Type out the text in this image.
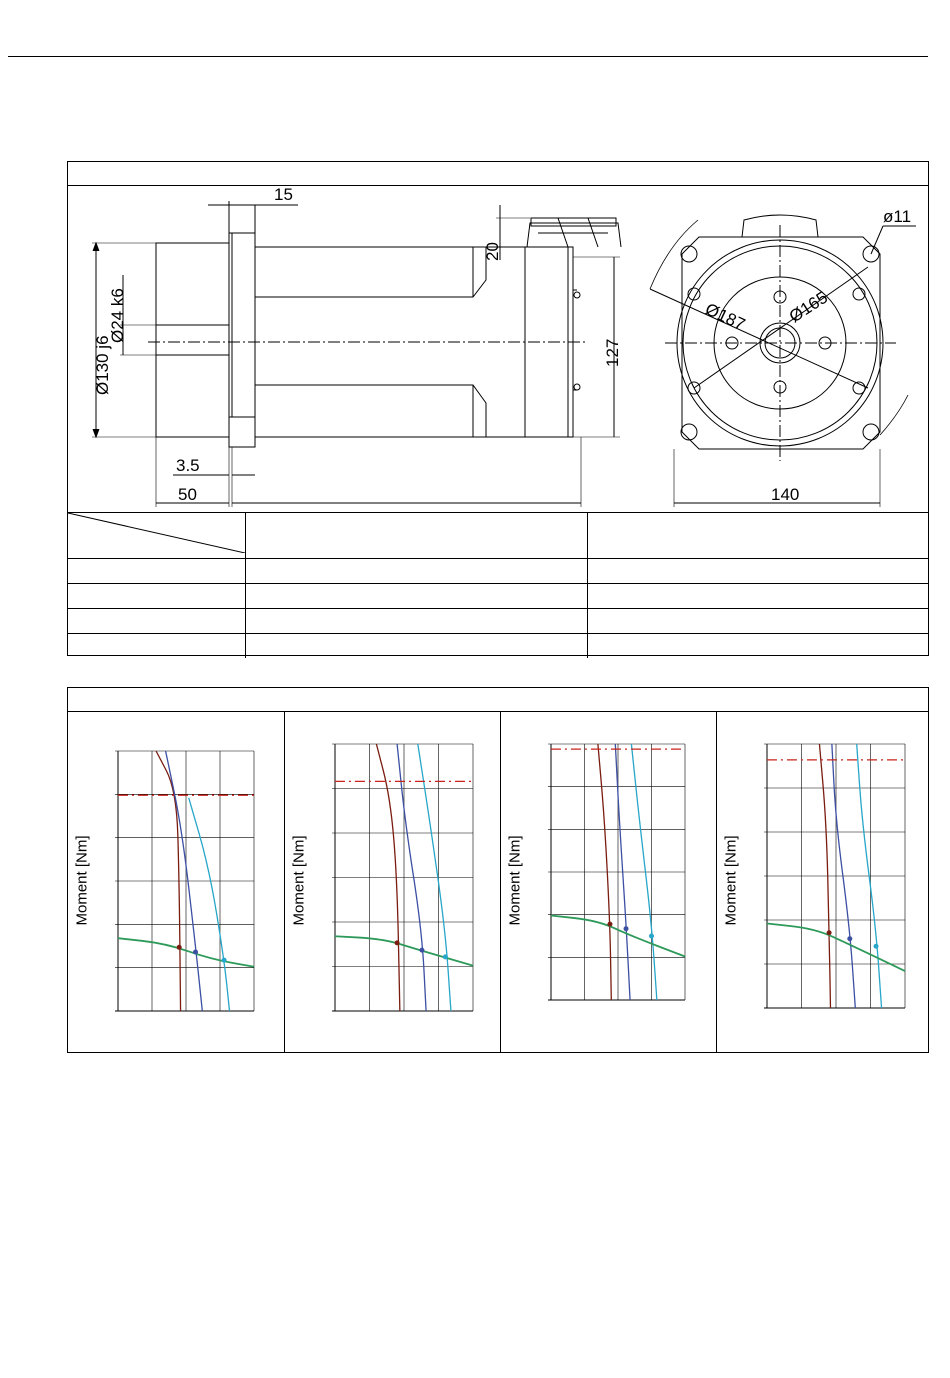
15
20
Ø24 k6
Ø130 j6	127
3.5
50
ø11
Ø187 Ø165
140

Moment [Nm]	Moment [Nm]	Moment [Nm]	Moment [Nm]
